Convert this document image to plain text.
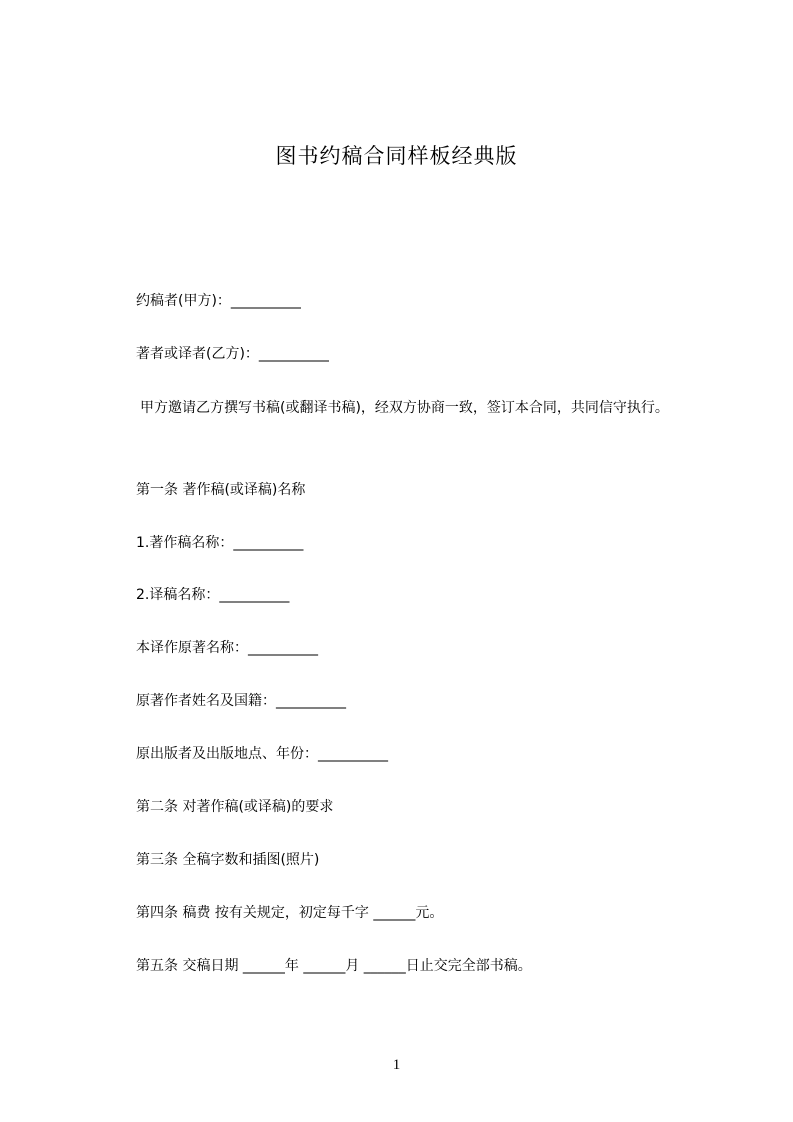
图书约稿合同样板经典版
约稿者(甲方)：__________
著者或译者(乙方)：__________
甲方邀请乙方撰写书稿(或翻译书稿)，经双方协商一致，签订本合同，共同信守执行。
第一条 著作稿(或译稿)名称
1.著作稿名称：__________
2.译稿名称：__________
本译作原著名称：__________
原著作者姓名及国籍：__________
原出版者及出版地点、年份：__________
第二条 对著作稿(或译稿)的要求
第三条 全稿字数和插图(照片)
第四条 稿费 按有关规定，初定每千字 ______元。
第五条 交稿日期 ______年 ______月 ______日止交完全部书稿。
1
